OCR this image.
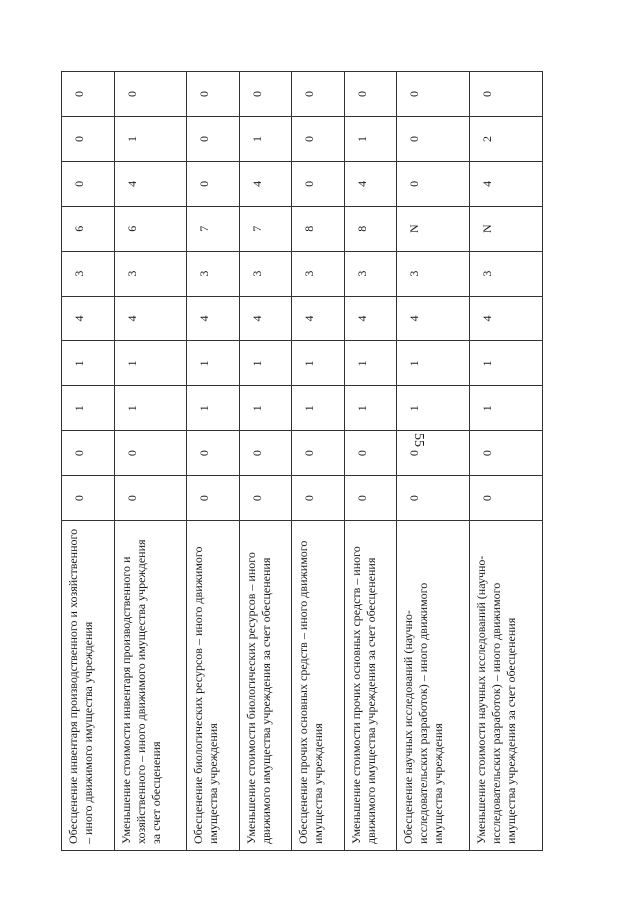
55
Обесценение инвентаря производственного и хозяйственного – иного движимого имущества учреждения	0	0	1	1	4	3	6	0	0	0
Уменьшение стоимости инвентаря производственного и хозяйственного – иного движимого имущества учреждения за счет обесценения	0	0	1	1	4	3	6	4	1	0
Обесценение биологических ресурсов – иного движимого имущества учреждения	0	0	1	1	4	3	7	0	0	0
Уменьшение стоимости биологических ресурсов – иного движимого имущества учреждения за счет обесценения	0	0	1	1	4	3	7	4	1	0
Обесценение прочих основных средств – иного движимого имущества учреждения	0	0	1	1	4	3	8	0	0	0
Уменьшение стоимости прочих основных средств – иного движимого имущества учреждения за счет обесценения	0	0	1	1	4	3	8	4	1	0
Обесценение научных исследований (научно-исследовательских разработок) – иного движимого имущества учреждения	0	0	1	1	4	3	N	0	0	0
Уменьшение стоимости научных исследований (научно-исследовательских разработок) – иного движимого имущества учреждения за счет обесценения	0	0	1	1	4	3	N	4	2	0
